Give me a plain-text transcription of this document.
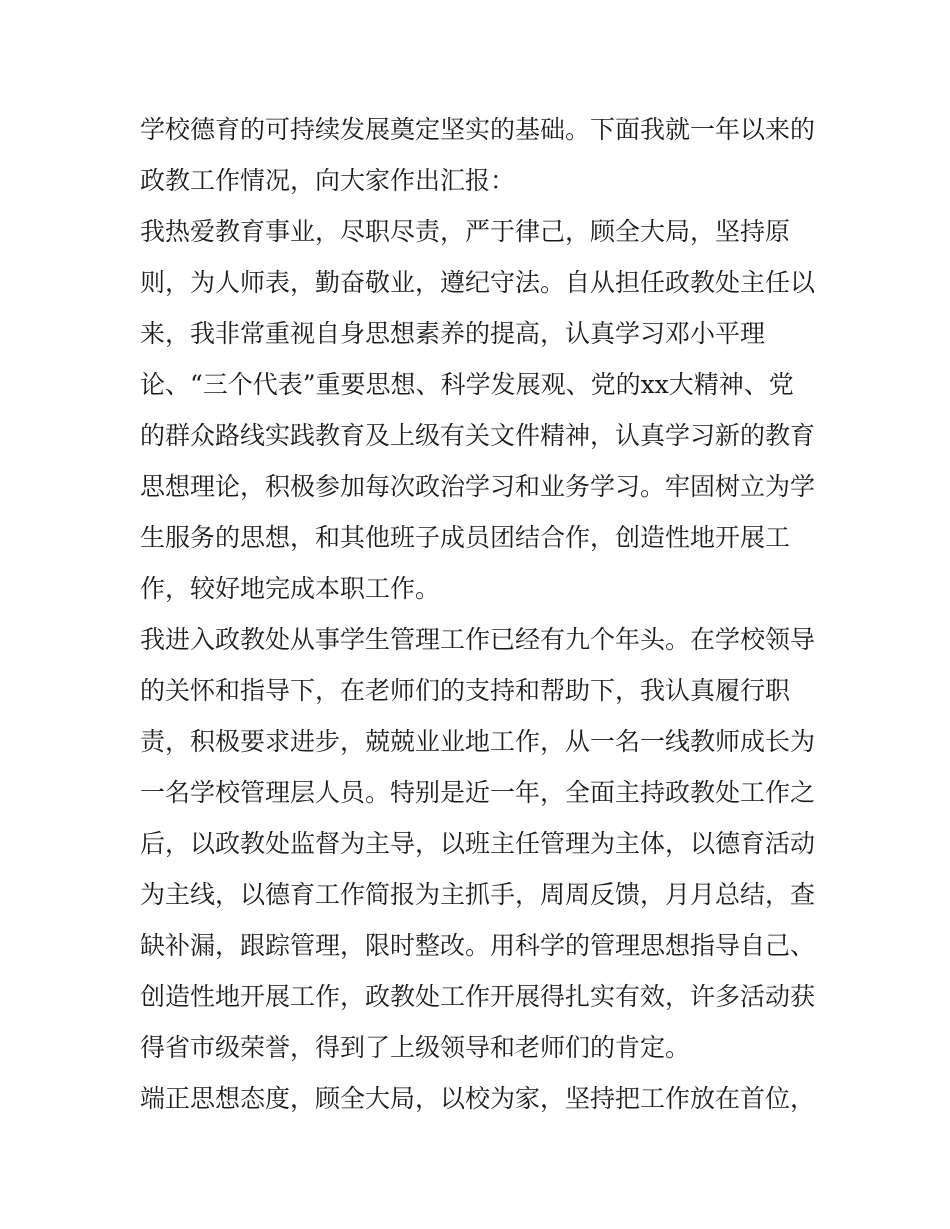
学校德育的可持续发展奠定坚实的基础。下面我就一年以来的
政教工作情况，向大家作出汇报：
我热爱教育事业，尽职尽责，严于律己，顾全大局，坚持原
则，为人师表，勤奋敬业，遵纪守法。自从担任政教处主任以
来，我非常重视自身思想素养的提高，认真学习邓小平理
论、“三个代表”重要思想、科学发展观、党的xx大精神、党
的群众路线实践教育及上级有关文件精神，认真学习新的教育
思想理论，积极参加每次政治学习和业务学习。牢固树立为学
生服务的思想，和其他班子成员团结合作，创造性地开展工
作，较好地完成本职工作。
我进入政教处从事学生管理工作已经有九个年头。在学校领导
的关怀和指导下，在老师们的支持和帮助下，我认真履行职
责，积极要求进步，兢兢业业地工作，从一名一线教师成长为
一名学校管理层人员。特别是近一年，全面主持政教处工作之
后，以政教处监督为主导，以班主任管理为主体，以德育活动
为主线，以德育工作简报为主抓手，周周反馈，月月总结，查
缺补漏，跟踪管理，限时整改。用科学的管理思想指导自己、
创造性地开展工作，政教处工作开展得扎实有效，许多活动获
得省市级荣誉，得到了上级领导和老师们的肯定。
端正思想态度，顾全大局，以校为家，坚持把工作放在首位，
